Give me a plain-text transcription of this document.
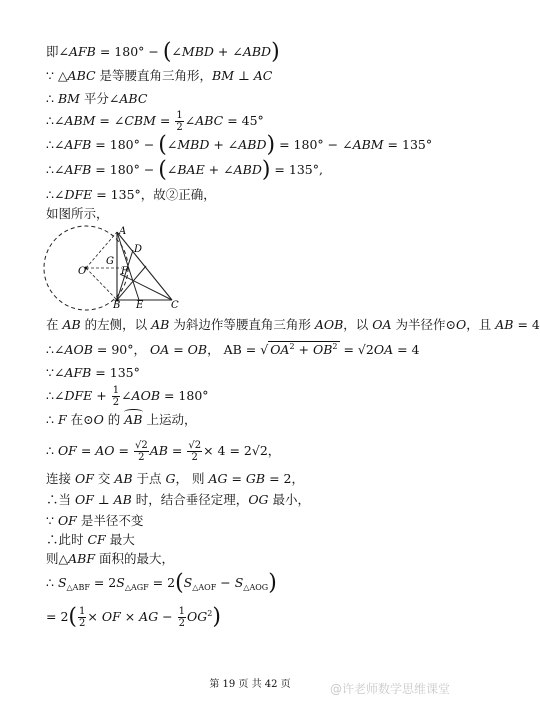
即∠AFB = 180° − (∠MBD + ∠ABD)
∵ △ABC 是等腰直角三角形，BM ⊥ AC
∴ BM 平分∠ABC
∴∠ABM = ∠CBM = $\frac{1}{2}$ ∠ABC = 45°
∴∠AFB = 180° − (∠MBD + ∠ABD) = 180° − ∠ABM = 135°
∴∠AFB = 180° − (∠BAE + ∠ABD) = 135°,
∴∠DFE = 135°，故②正确，
如图所示，
A
D
G
F
O
B E	C
在 AB 的左侧，以 AB 为斜边作等腰直角三角形 AOB，以 OA 为半径作⊙O，且 AB = 4
∴∠AOB = 90°， OA = OB， AB = √ $OA^2 + OB^2 = √2OA = 4$
∵∠AFB = 135°
∴∠DFE + $\frac{1}{2}$ ∠AOB = 180°
∴ F 在⊙O 的 AB 上运动，
∴ OF = AO = $\frac{√2}{2}$ AB = $\frac{√2}{2} \times 4 = 2√2$，
连接 OF 交 AB 于点 G， 则 AG = GB = 2，
∴当 OF ⊥ AB 时，结合垂径定理，OG 最小，
∵ OF 是半径不变
∴此时 CF 最大
则△ABF 面积的最大，
∴ $S_{\triangle ABF} = 2S_{\triangle AGF} = 2(S_{\triangle AOF} - S_{\triangle AOG})$
= $2( \frac{1}{2}$ × OF × AG − $\frac{1}{2} OG^2$)
第 19 页 共 42 页	@许老师数学思维课堂
